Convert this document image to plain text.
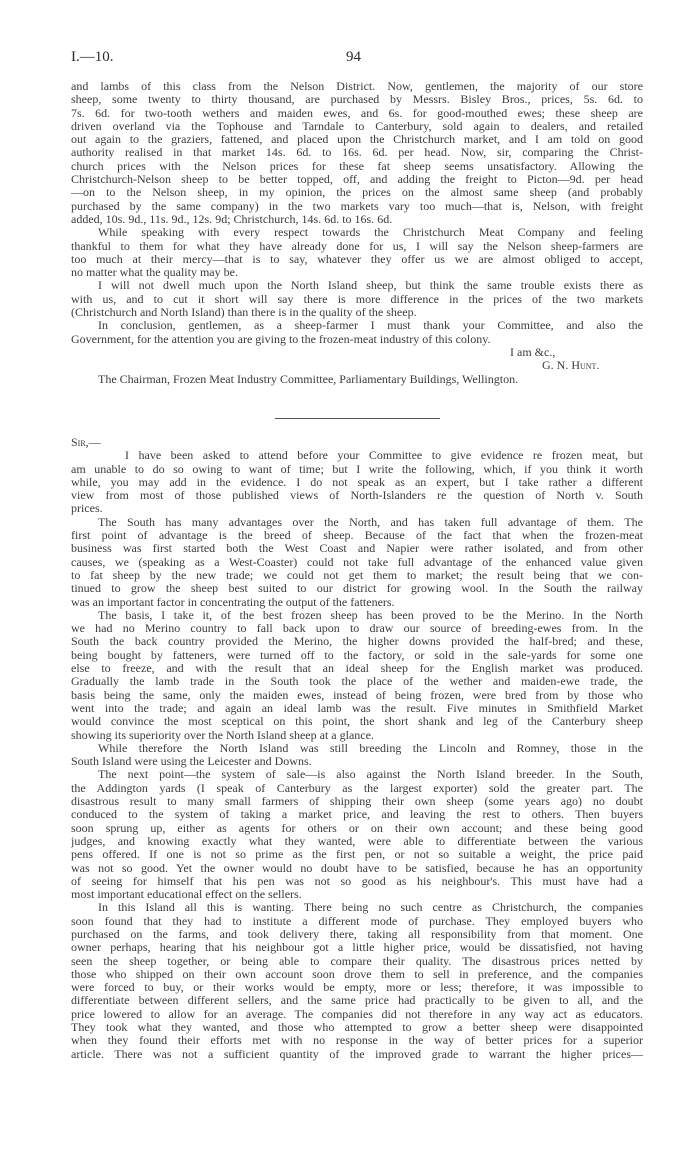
I.—10.	94
and lambs of this class from the Nelson District. Now, gentlemen, the majority of our store
sheep, some twenty to thirty thousand, are purchased by Messrs. Bisley Bros., prices, 5s. 6d. to
7s. 6d. for two-tooth wethers and maiden ewes, and 6s. for good-mouthed ewes; these sheep are
driven overland via the Tophouse and Tarndale to Canterbury, sold again to dealers, and retailed
out again to the graziers, fattened, and placed upon the Christchurch market, and I am told on good
authority realised in that market 14s. 6d. to 16s. 6d. per head. Now, sir, comparing the Christ-
church prices with the Nelson prices for these fat sheep seems unsatisfactory. Allowing the
Christchurch-Nelson sheep to be better topped, off, and adding the freight to Picton—9d. per head
—on to the Nelson sheep, in my opinion, the prices on the almost same sheep (and probably
purchased by the same company) in the two markets vary too much—that is, Nelson, with freight
added, 10s. 9d., 11s. 9d., 12s. 9d; Christchurch, 14s. 6d. to 16s. 6d.
While speaking with every respect towards the Christchurch Meat Company and feeling
thankful to them for what they have already done for us, I will say the Nelson sheep-farmers are
too much at their mercy—that is to say, whatever they offer us we are almost obliged to accept,
no matter what the quality may be.
I will not dwell much upon the North Island sheep, but think the same trouble exists there as
with us, and to cut it short will say there is more difference in the prices of the two markets
(Christchurch and North Island) than there is in the quality of the sheep.
In conclusion, gentlemen, as a sheep-farmer I must thank your Committee, and also the
Government, for the attention you are giving to the frozen-meat industry of this colony.
I am &c.,
G. N. Hunt.
The Chairman, Frozen Meat Industry Committee, Parliamentary Buildings, Wellington.
Sir,—
I have been asked to attend before your Committee to give evidence re frozen meat, but
am unable to do so owing to want of time; but I write the following, which, if you think it worth
while, you may add in the evidence. I do not speak as an expert, but I take rather a different
view from most of those published views of North-Islanders re the question of North v. South
prices.
The South has many advantages over the North, and has taken full advantage of them. The
first point of advantage is the breed of sheep. Because of the fact that when the frozen-meat
business was first started both the West Coast and Napier were rather isolated, and from other
causes, we (speaking as a West-Coaster) could not take full advantage of the enhanced value given
to fat sheep by the new trade; we could not get them to market; the result being that we con-
tinued to grow the sheep best suited to our district for growing wool. In the South the railway
was an important factor in concentrating the output of the fatteners.
The basis, I take it, of the best frozen sheep has been proved to be the Merino. In the North
we had no Merino country to fall back upon to draw our source of breeding-ewes from. In the
South the back country provided the Merino, the higher downs provided the half-bred; and these,
being bought by fatteners, were turned off to the factory, or sold in the sale-yards for some one
else to freeze, and with the result that an ideal sheep for the English market was produced.
Gradually the lamb trade in the South took the place of the wether and maiden-ewe trade, the
basis being the same, only the maiden ewes, instead of being frozen, were bred from by those who
went into the trade; and again an ideal lamb was the result. Five minutes in Smithfield Market
would convince the most sceptical on this point, the short shank and leg of the Canterbury sheep
showing its superiority over the North Island sheep at a glance.
While therefore the North Island was still breeding the Lincoln and Romney, those in the
South Island were using the Leicester and Downs.
The next point—the system of sale—is also against the North Island breeder. In the South,
the Addington yards (I speak of Canterbury as the largest exporter) sold the greater part. The
disastrous result to many small farmers of shipping their own sheep (some years ago) no doubt
conduced to the system of taking a market price, and leaving the rest to others. Then buyers
soon sprung up, either as agents for others or on their own account; and these being good
judges, and knowing exactly what they wanted, were able to differentiate between the various
pens offered. If one is not so prime as the first pen, or not so suitable a weight, the price paid
was not so good. Yet the owner would no doubt have to be satisfied, because he has an opportunity
of seeing for himself that his pen was not so good as his neighbour's. This must have had a
most important educational effect on the sellers.
In this Island all this is wanting. There being no such centre as Christchurch, the companies
soon found that they had to institute a different mode of purchase. They employed buyers who
purchased on the farms, and took delivery there, taking all responsibility from that moment. One
owner perhaps, hearing that his neighbour got a little higher price, would be dissatisfied, not having
seen the sheep together, or being able to compare their quality. The disastrous prices netted by
those who shipped on their own account soon drove them to sell in preference, and the companies
were forced to buy, or their works would be empty, more or less; therefore, it was impossible to
differentiate between different sellers, and the same price had practically to be given to all, and the
price lowered to allow for an average. The companies did not therefore in any way act as educators.
They took what they wanted, and those who attempted to grow a better sheep were disappointed
when they found their efforts met with no response in the way of better prices for a superior
article. There was not a sufficient quantity of the improved grade to warrant the higher prices—
